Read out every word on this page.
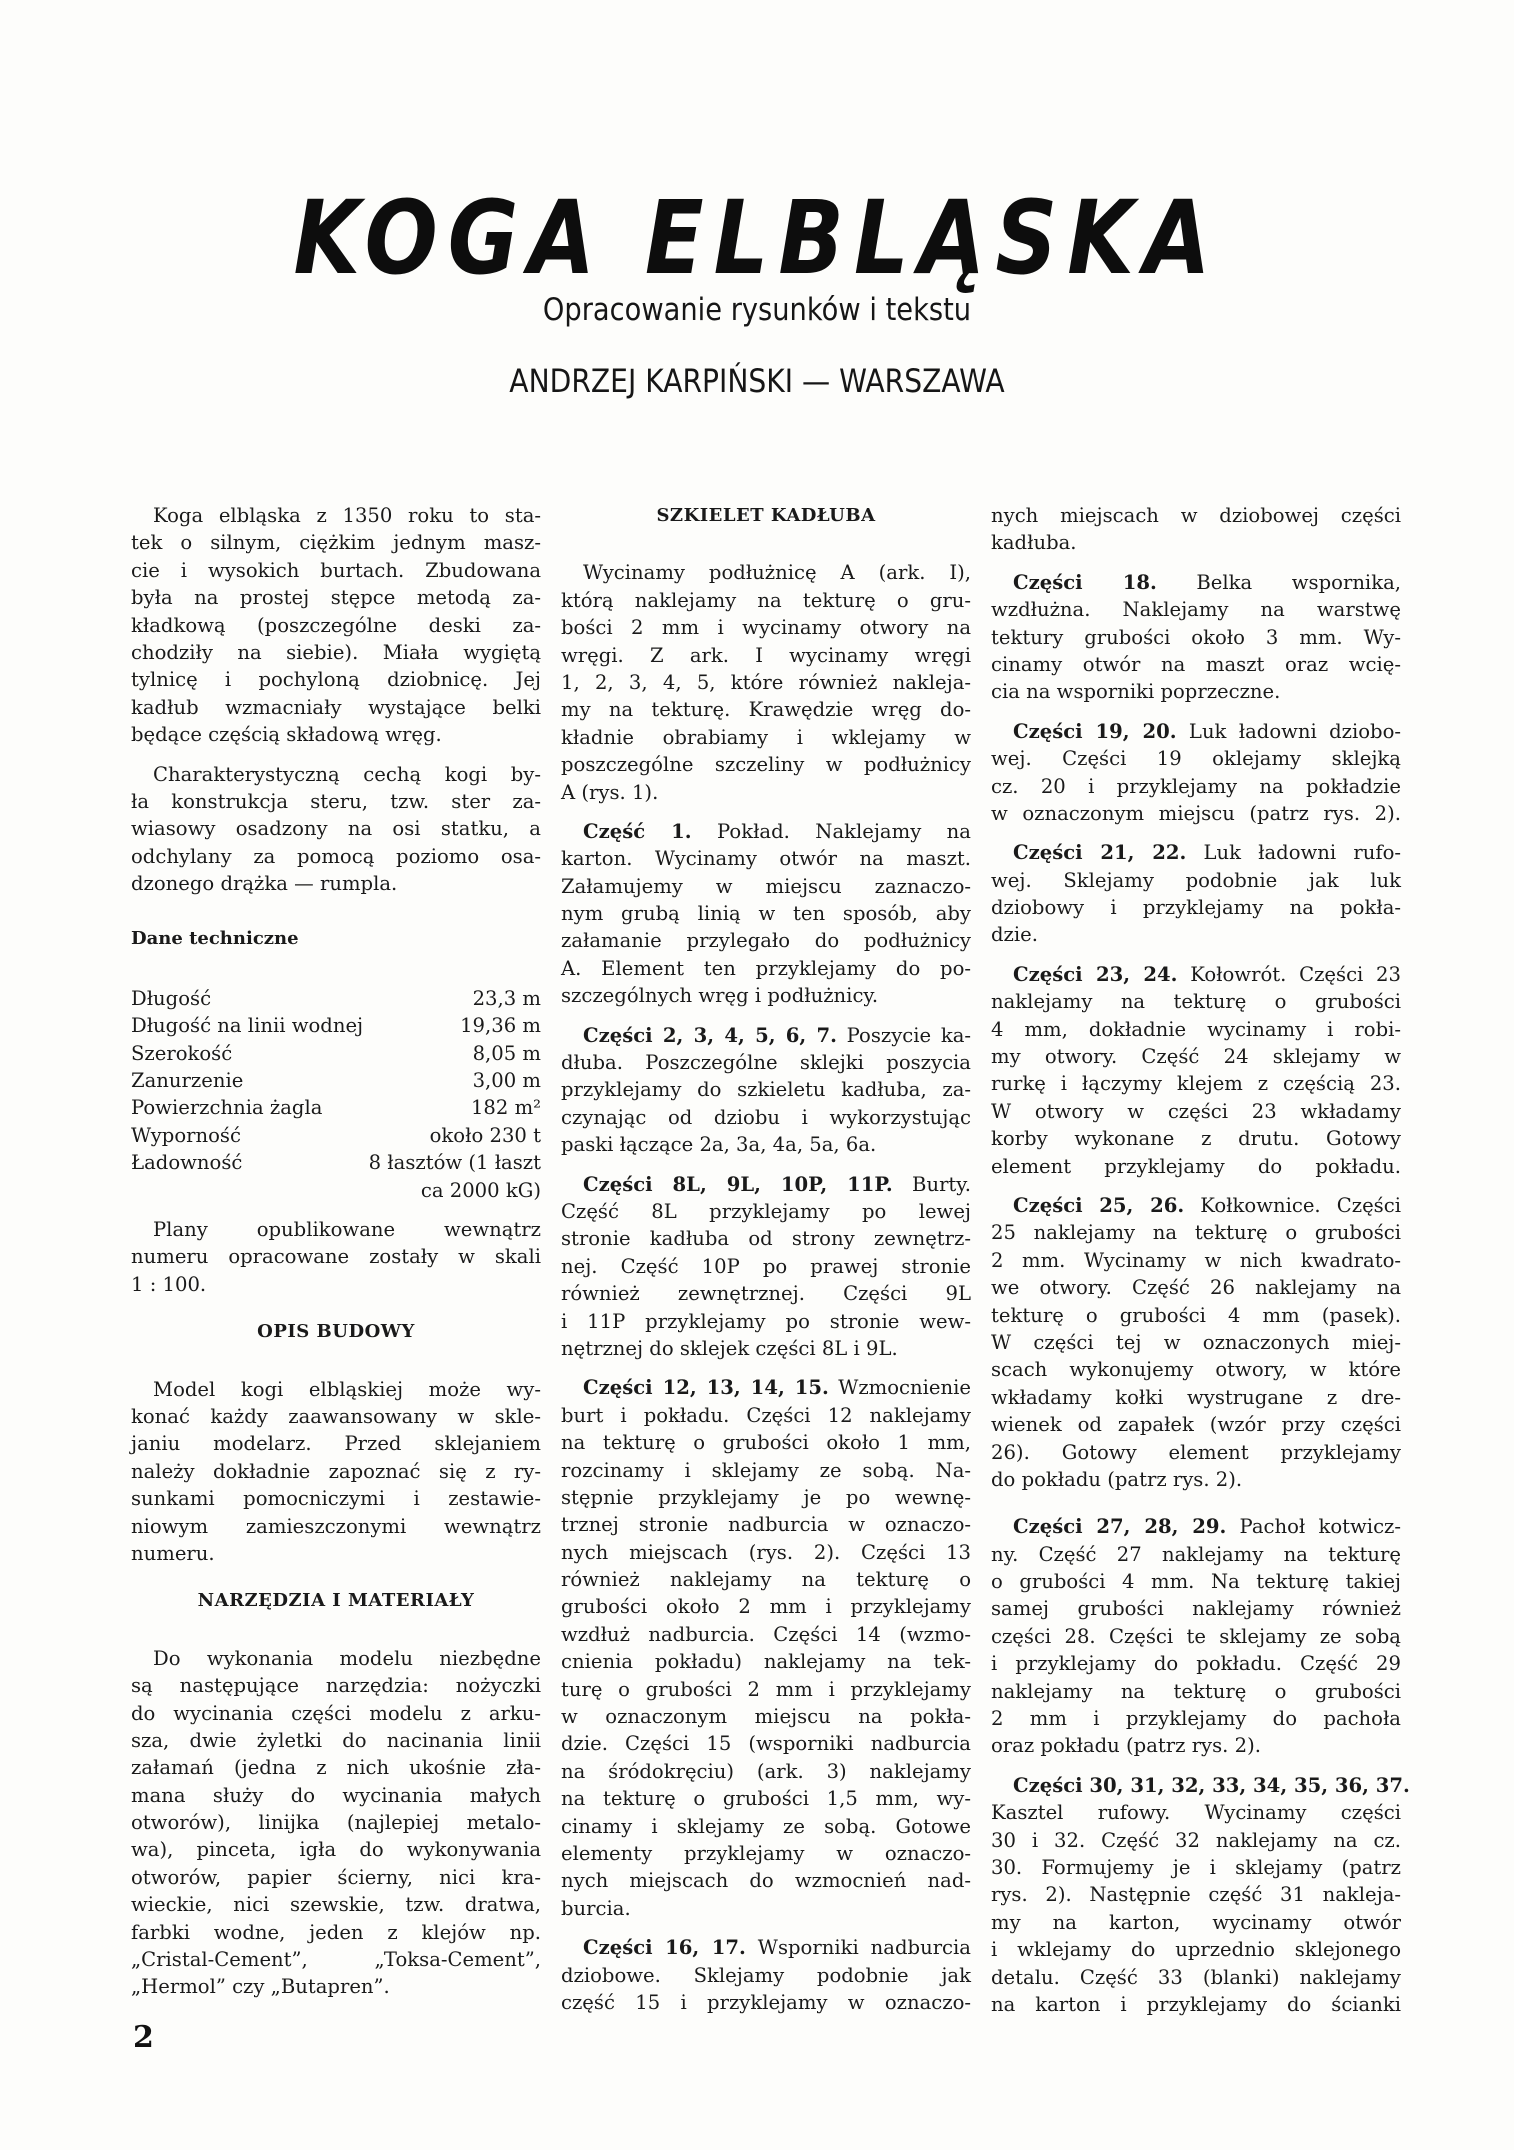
KOGA ELBLĄSKA
Opracowanie rysunków i tekstu
ANDRZEJ KARPIŃSKI — WARSZAWA
Koga elbląska z 1350 roku to sta-
tek o silnym, ciężkim jednym masz-
cie i wysokich burtach. Zbudowana
była na prostej stępce metodą za-
kładkową (poszczególne deski za-
chodziły na siebie). Miała wygiętą
tylnicę i pochyloną dziobnicę. Jej
kadłub wzmacniały wystające belki
będące częścią składową wręg.
Charakterystyczną cechą kogi by-
ła konstrukcja steru, tzw. ster za-
wiasowy osadzony na osi statku, a
odchylany za pomocą poziomo osa-
dzonego drążka — rumpla.
Dane techniczne
Długość	23,3 m
Długość na linii wodnej	19,36 m
Szerokość	8,05 m
Zanurzenie	3,00 m
Powierzchnia żagla	182 m²
Wyporność	około 230 t
Ładowność	8 łasztów (1 łaszt
ca 2000 kG)
Plany opublikowane wewnątrz
numeru opracowane zostały w skali
1 : 100.
OPIS BUDOWY
Model kogi elbląskiej może wy-
konać każdy zaawansowany w skle-
janiu modelarz. Przed sklejaniem
należy dokładnie zapoznać się z ry-
sunkami pomocniczymi i zestawie-
niowym zamieszczonymi wewnątrz
numeru.
NARZĘDZIA I MATERIAŁY
Do wykonania modelu niezbędne
są następujące narzędzia: nożyczki
do wycinania części modelu z arku-
sza, dwie żyletki do nacinania linii
załamań (jedna z nich ukośnie zła-
mana służy do wycinania małych
otworów), linijka (najlepiej metalo-
wa), pinceta, igła do wykonywania
otworów, papier ścierny, nici kra-
wieckie, nici szewskie, tzw. dratwa,
farbki wodne, jeden z klejów np.
„Cristal-Cement”, „Toksa-Cement”,
„Hermol” czy „Butapren”.
SZKIELET KADŁUBA
Wycinamy podłużnicę A (ark. I),
którą naklejamy na tekturę o gru-
bości 2 mm i wycinamy otwory na
wręgi. Z ark. I wycinamy wręgi
1, 2, 3, 4, 5, które również nakleja-
my na tekturę. Krawędzie wręg do-
kładnie obrabiamy i wklejamy w
poszczególne szczeliny w podłużnicy
A (rys. 1).
Część 1. Pokład. Naklejamy na
karton. Wycinamy otwór na maszt.
Załamujemy w miejscu zaznaczo-
nym grubą linią w ten sposób, aby
załamanie przylegało do podłużnicy
A. Element ten przyklejamy do po-
szczególnych wręg i podłużnicy.
Części 2, 3, 4, 5, 6, 7. Poszycie ka-
dłuba. Poszczególne sklejki poszycia
przyklejamy do szkieletu kadłuba, za-
czynając od dziobu i wykorzystując
paski łączące 2a, 3a, 4a, 5a, 6a.
Części 8L, 9L, 10P, 11P. Burty.
Część 8L przyklejamy po lewej
stronie kadłuba od strony zewnętrz-
nej. Część 10P po prawej stronie
również zewnętrznej. Części 9L
i 11P przyklejamy po stronie wew-
nętrznej do sklejek części 8L i 9L.
Części 12, 13, 14, 15. Wzmocnienie
burt i pokładu. Części 12 naklejamy
na tekturę o grubości około 1 mm,
rozcinamy i sklejamy ze sobą. Na-
stępnie przyklejamy je po wewnę-
trznej stronie nadburcia w oznaczo-
nych miejscach (rys. 2). Części 13
również naklejamy na tekturę o
grubości około 2 mm i przyklejamy
wzdłuż nadburcia. Części 14 (wzmo-
cnienia pokładu) naklejamy na tek-
turę o grubości 2 mm i przyklejamy
w oznaczonym miejscu na pokła-
dzie. Części 15 (wsporniki nadburcia
na śródokręciu) (ark. 3) naklejamy
na tekturę o grubości 1,5 mm, wy-
cinamy i sklejamy ze sobą. Gotowe
elementy przyklejamy w oznaczo-
nych miejscach do wzmocnień nad-
burcia.
Części 16, 17. Wsporniki nadburcia
dziobowe. Sklejamy podobnie jak
część 15 i przyklejamy w oznaczo-
nych miejscach w dziobowej części
kadłuba.
Części 18. Belka wspornika,
wzdłużna. Naklejamy na warstwę
tektury grubości około 3 mm. Wy-
cinamy otwór na maszt oraz wcię-
cia na wsporniki poprzeczne.
Części 19, 20. Luk ładowni dziobo-
wej. Części 19 oklejamy sklejką
cz. 20 i przyklejamy na pokładzie
w oznaczonym miejscu (patrz rys. 2).
Części 21, 22. Luk ładowni rufo-
wej. Sklejamy podobnie jak luk
dziobowy i przyklejamy na pokła-
dzie.
Części 23, 24. Kołowrót. Części 23
naklejamy na tekturę o grubości
4 mm, dokładnie wycinamy i robi-
my otwory. Część 24 sklejamy w
rurkę i łączymy klejem z częścią 23.
W otwory w części 23 wkładamy
korby wykonane z drutu. Gotowy
element przyklejamy do pokładu.
Części 25, 26. Kołkownice. Części
25 naklejamy na tekturę o grubości
2 mm. Wycinamy w nich kwadrato-
we otwory. Część 26 naklejamy na
tekturę o grubości 4 mm (pasek).
W części tej w oznaczonych miej-
scach wykonujemy otwory, w które
wkładamy kołki wystrugane z dre-
wienek od zapałek (wzór przy części
26). Gotowy element przyklejamy
do pokładu (patrz rys. 2).
Części 27, 28, 29. Pachoł kotwicz-
ny. Część 27 naklejamy na tekturę
o grubości 4 mm. Na tekturę takiej
samej grubości naklejamy również
części 28. Części te sklejamy ze sobą
i przyklejamy do pokładu. Część 29
naklejamy na tekturę o grubości
2 mm i przyklejamy do pachoła
oraz pokładu (patrz rys. 2).
Części 30, 31, 32, 33, 34, 35, 36, 37.
Kasztel rufowy. Wycinamy części
30 i 32. Część 32 naklejamy na cz.
30. Formujemy je i sklejamy (patrz
rys. 2). Następnie część 31 nakleja-
my na karton, wycinamy otwór
i wklejamy do uprzednio sklejonego
detalu. Część 33 (blanki) naklejamy
na karton i przyklejamy do ścianki
2
